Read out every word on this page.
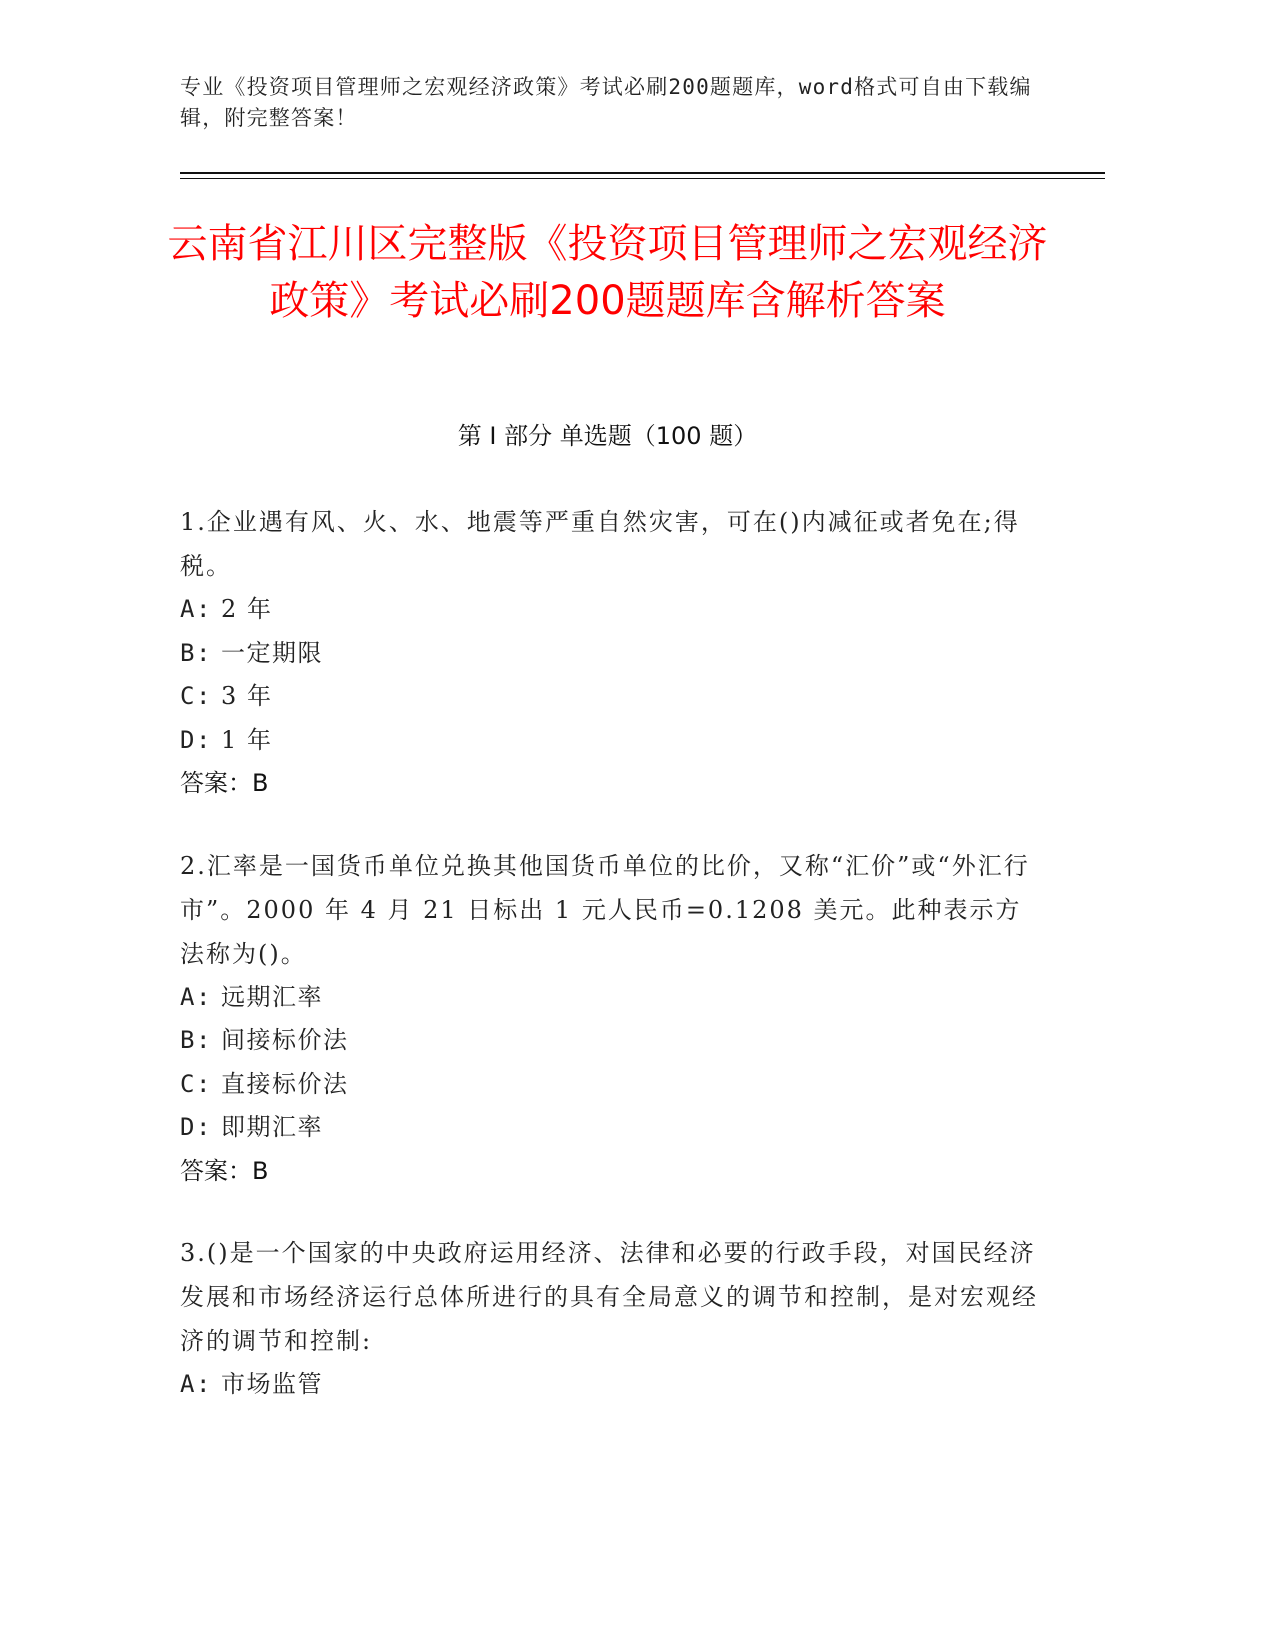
专业《投资项目管理师之宏观经济政策》考试必刷200题题库，word格式可自由下载编辑，附完整答案！
云南省江川区完整版《投资项目管理师之宏观经济政策》考试必刷200题题库含解析答案
第 I 部分 单选题（100 题）

1.企业遇有风、火、水、地震等严重自然灾害，可在()内减征或者免在;得税。

A: 2 年

B: 一定期限

C: 3 年

D: 1 年

答案：B

2.汇率是一国货币单位兑换其他国货币单位的比价，又称“汇价”或“外汇行市”。2000 年 4 月 21 日标出 1 元人民币=0.1208 美元。此种表示方法称为()。

A: 远期汇率

B: 间接标价法

C: 直接标价法

D: 即期汇率

答案：B

3.()是一个国家的中央政府运用经济、法律和必要的行政手段，对国民经济发展和市场经济运行总体所进行的具有全局意义的调节和控制，是对宏观经济的调节和控制:

A: 市场监管
